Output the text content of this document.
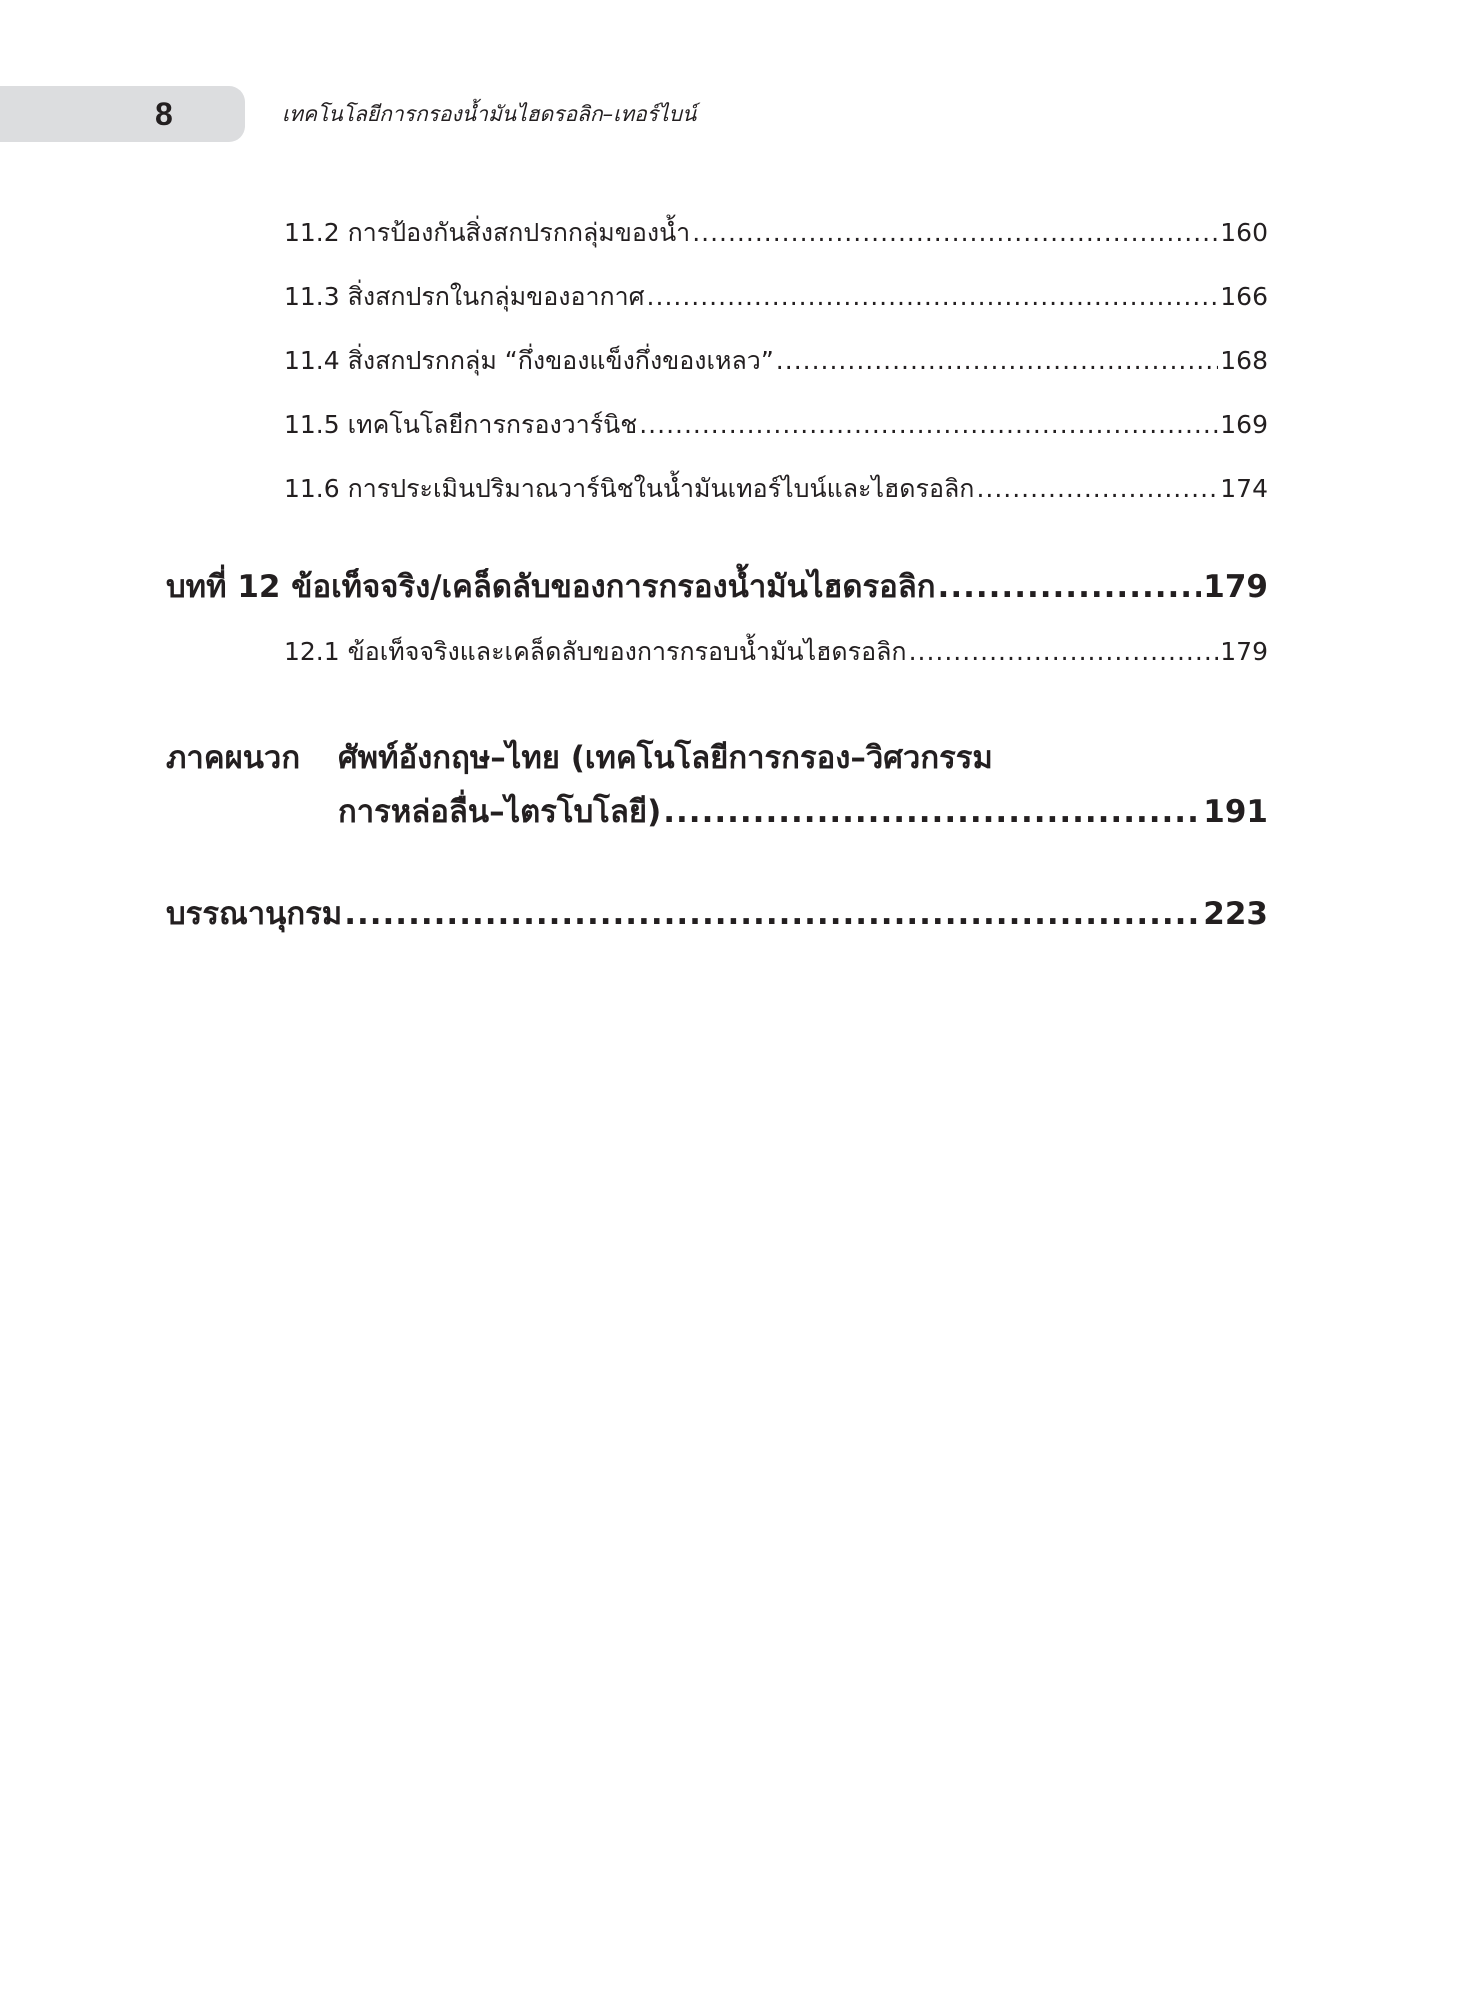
8	เทคโนโลยีการกรองน้ำมันไฮดรอลิก–เทอร์ไบน์
11.2 การป้องกันสิ่งสกปรกกลุ่มของน้ำ .....	160
11.3 สิ่งสกปรกในกลุ่มของอากาศ .....	166
11.4 สิ่งสกปรกกลุ่ม “กึ่งของแข็งกึ่งของเหลว” .....	168
11.5 เทคโนโลยีการกรองวาร์นิช .....	169
11.6 การประเมินปริมาณวาร์นิชในน้ำมันเทอร์ไบน์และไฮดรอลิก .....	174
บทที่ 12 ข้อเท็จจริง/เคล็ดลับของการกรองน้ำมันไฮดรอลิก .....	179
12.1 ข้อเท็จจริงและเคล็ดลับของการกรอบน้ำมันไฮดรอลิก .....	179
ภาคผนวก	ศัพท์อังกฤษ–ไทย (เทคโนโลยีการกรอง–วิศวกรรม
การหล่อลื่น–ไตรโบโลยี) .....	191
บรรณานุกรม .....	223
